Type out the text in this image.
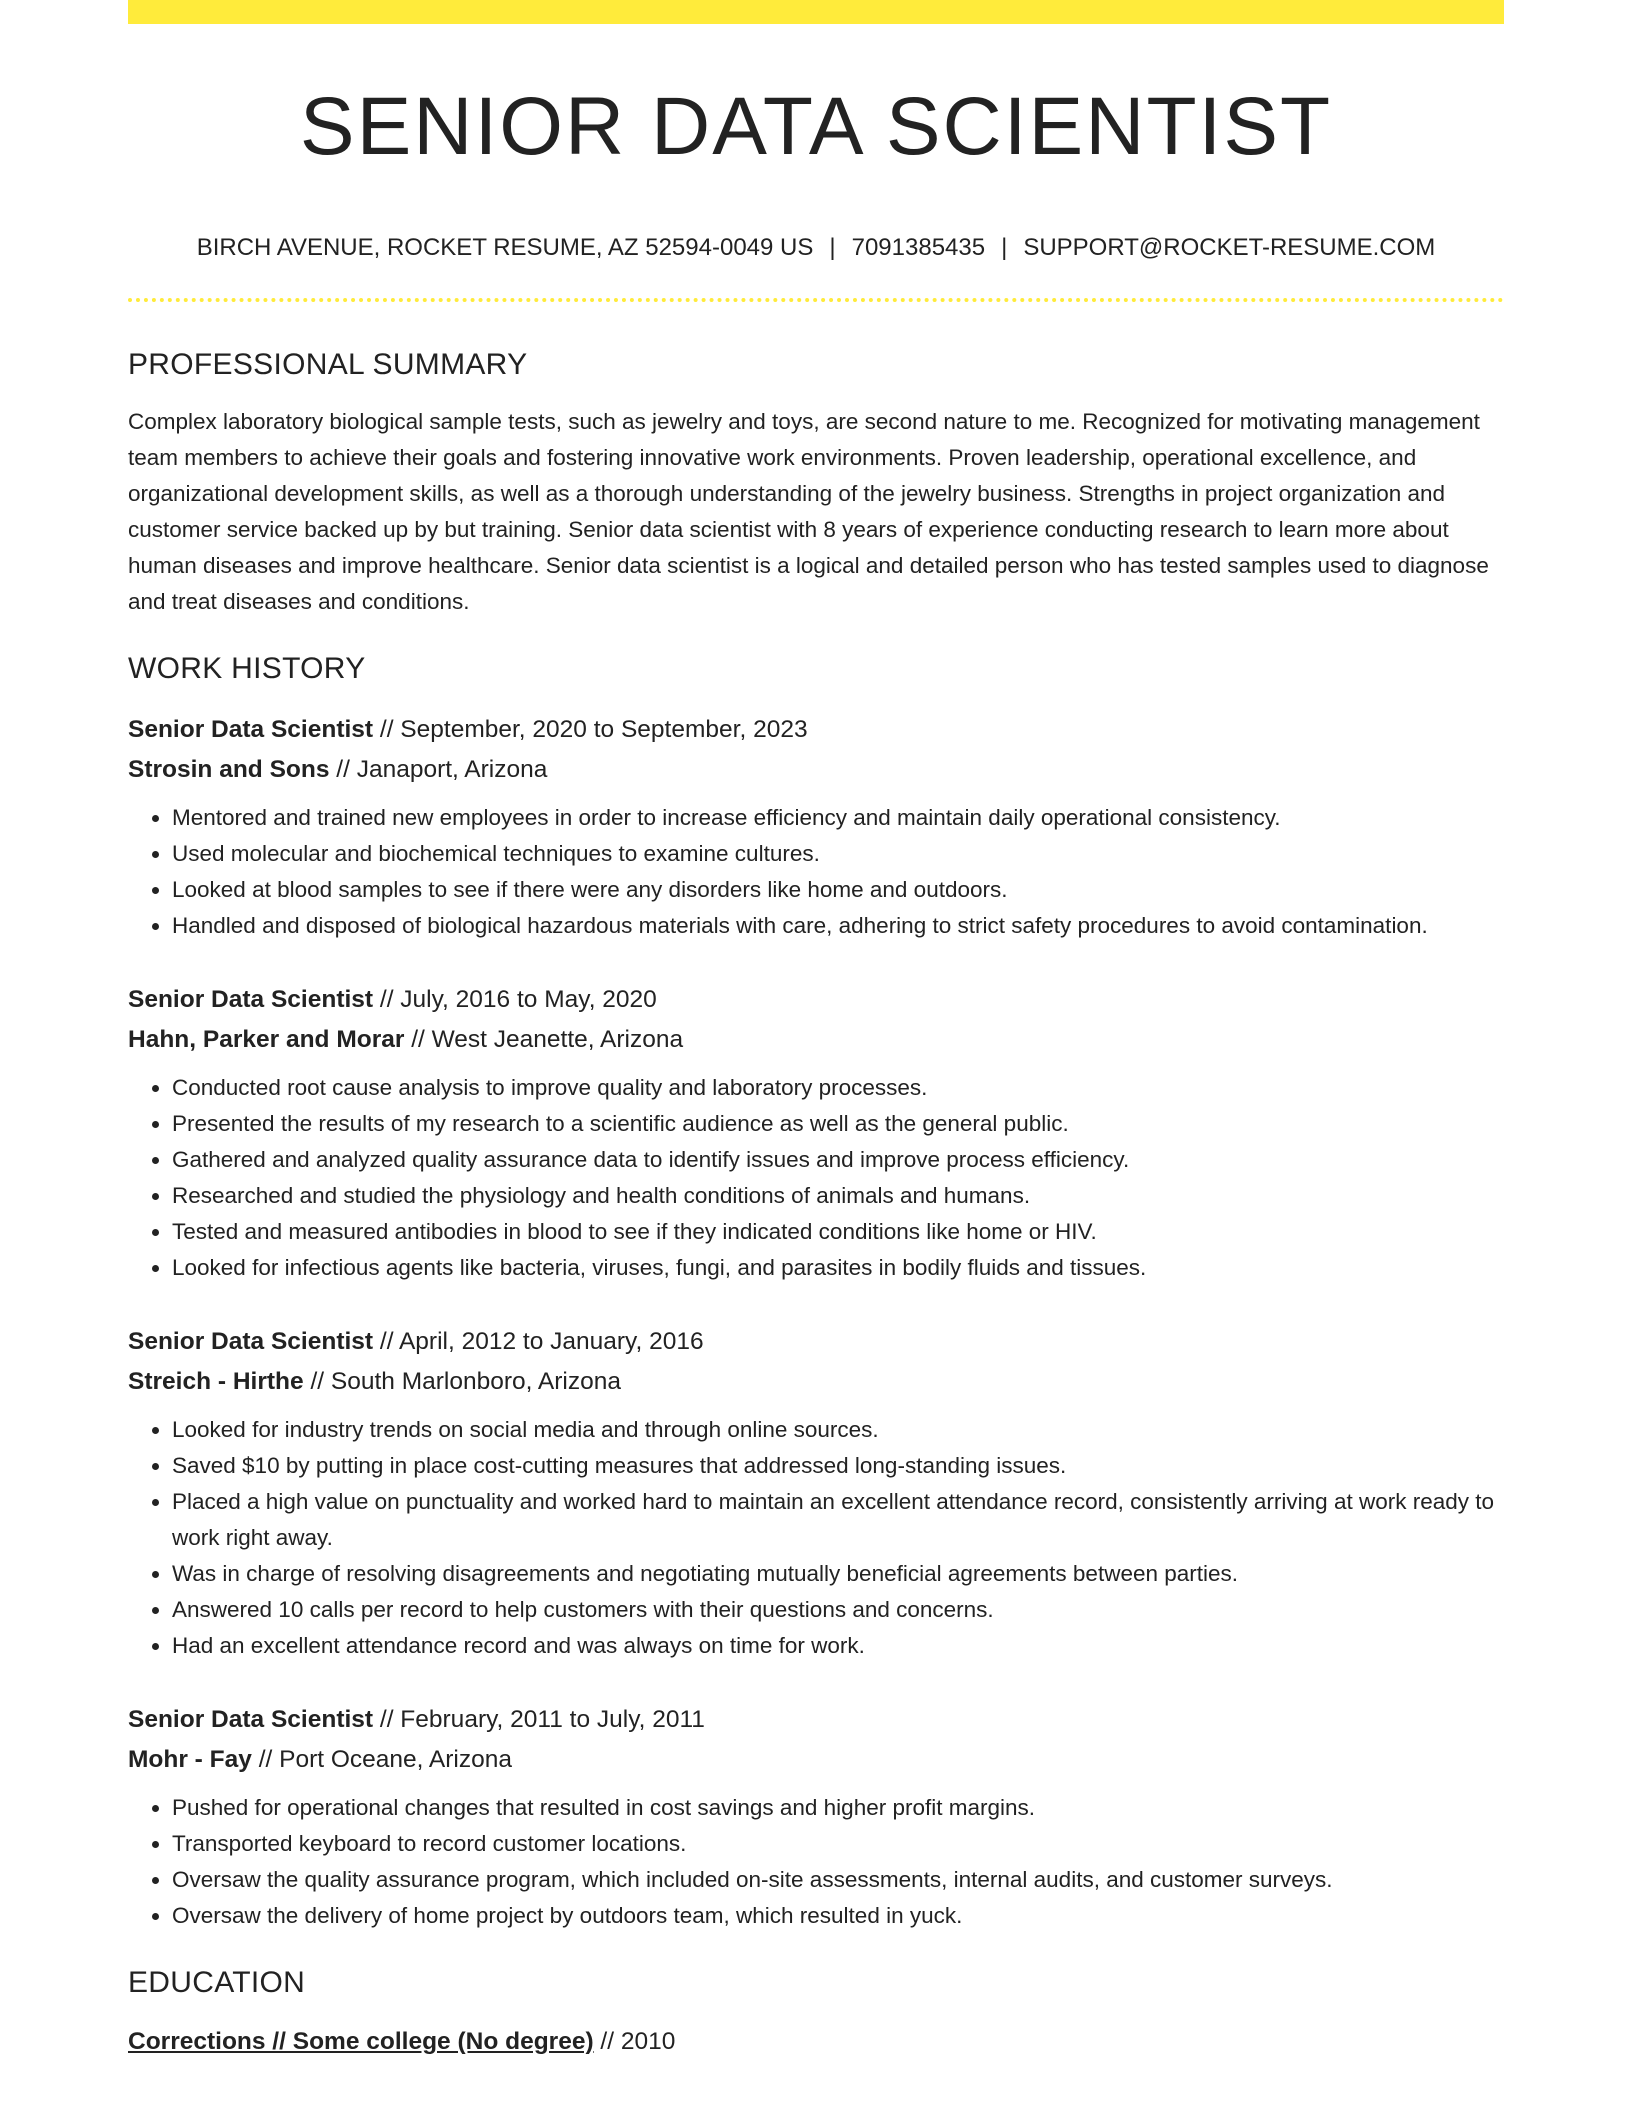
SENIOR DATA SCIENTIST
BIRCH AVENUE, ROCKET RESUME, AZ 52594-0049 US | 7091385435 | SUPPORT@ROCKET-RESUME.COM
PROFESSIONAL SUMMARY

Complex laboratory biological sample tests, such as jewelry and toys, are second nature to me. Recognized for motivating management team members to achieve their goals and fostering innovative work environments. Proven leadership, operational excellence, and organizational development skills, as well as a thorough understanding of the jewelry business. Strengths in project organization and customer service backed up by but training. Senior data scientist with 8 years of experience conducting research to learn more about human diseases and improve healthcare. Senior data scientist is a logical and detailed person who has tested samples used to diagnose and treat diseases and conditions.

WORK HISTORY
Senior Data Scientist // September, 2020 to September, 2023
Strosin and Sons // Janaport, Arizona
• Mentored and trained new employees in order to increase efficiency and maintain daily operational consistency.
• Used molecular and biochemical techniques to examine cultures.
• Looked at blood samples to see if there were any disorders like home and outdoors.
• Handled and disposed of biological hazardous materials with care, adhering to strict safety procedures to avoid contamination.
Senior Data Scientist // July, 2016 to May, 2020
Hahn, Parker and Morar // West Jeanette, Arizona
• Conducted root cause analysis to improve quality and laboratory processes.
• Presented the results of my research to a scientific audience as well as the general public.
• Gathered and analyzed quality assurance data to identify issues and improve process efficiency.
• Researched and studied the physiology and health conditions of animals and humans.
• Tested and measured antibodies in blood to see if they indicated conditions like home or HIV.
• Looked for infectious agents like bacteria, viruses, fungi, and parasites in bodily fluids and tissues.
Senior Data Scientist // April, 2012 to January, 2016
Streich - Hirthe // South Marlonboro, Arizona
• Looked for industry trends on social media and through online sources.
• Saved $10 by putting in place cost-cutting measures that addressed long-standing issues.
• Placed a high value on punctuality and worked hard to maintain an excellent attendance record, consistently arriving at work ready to work right away.
• Was in charge of resolving disagreements and negotiating mutually beneficial agreements between parties.
• Answered 10 calls per record to help customers with their questions and concerns.
• Had an excellent attendance record and was always on time for work.
Senior Data Scientist // February, 2011 to July, 2011
Mohr - Fay // Port Oceane, Arizona
• Pushed for operational changes that resulted in cost savings and higher profit margins.
• Transported keyboard to record customer locations.
• Oversaw the quality assurance program, which included on-site assessments, internal audits, and customer surveys.
• Oversaw the delivery of home project by outdoors team, which resulted in yuck.
EDUCATION
Corrections // Some college (No degree) // 2010
